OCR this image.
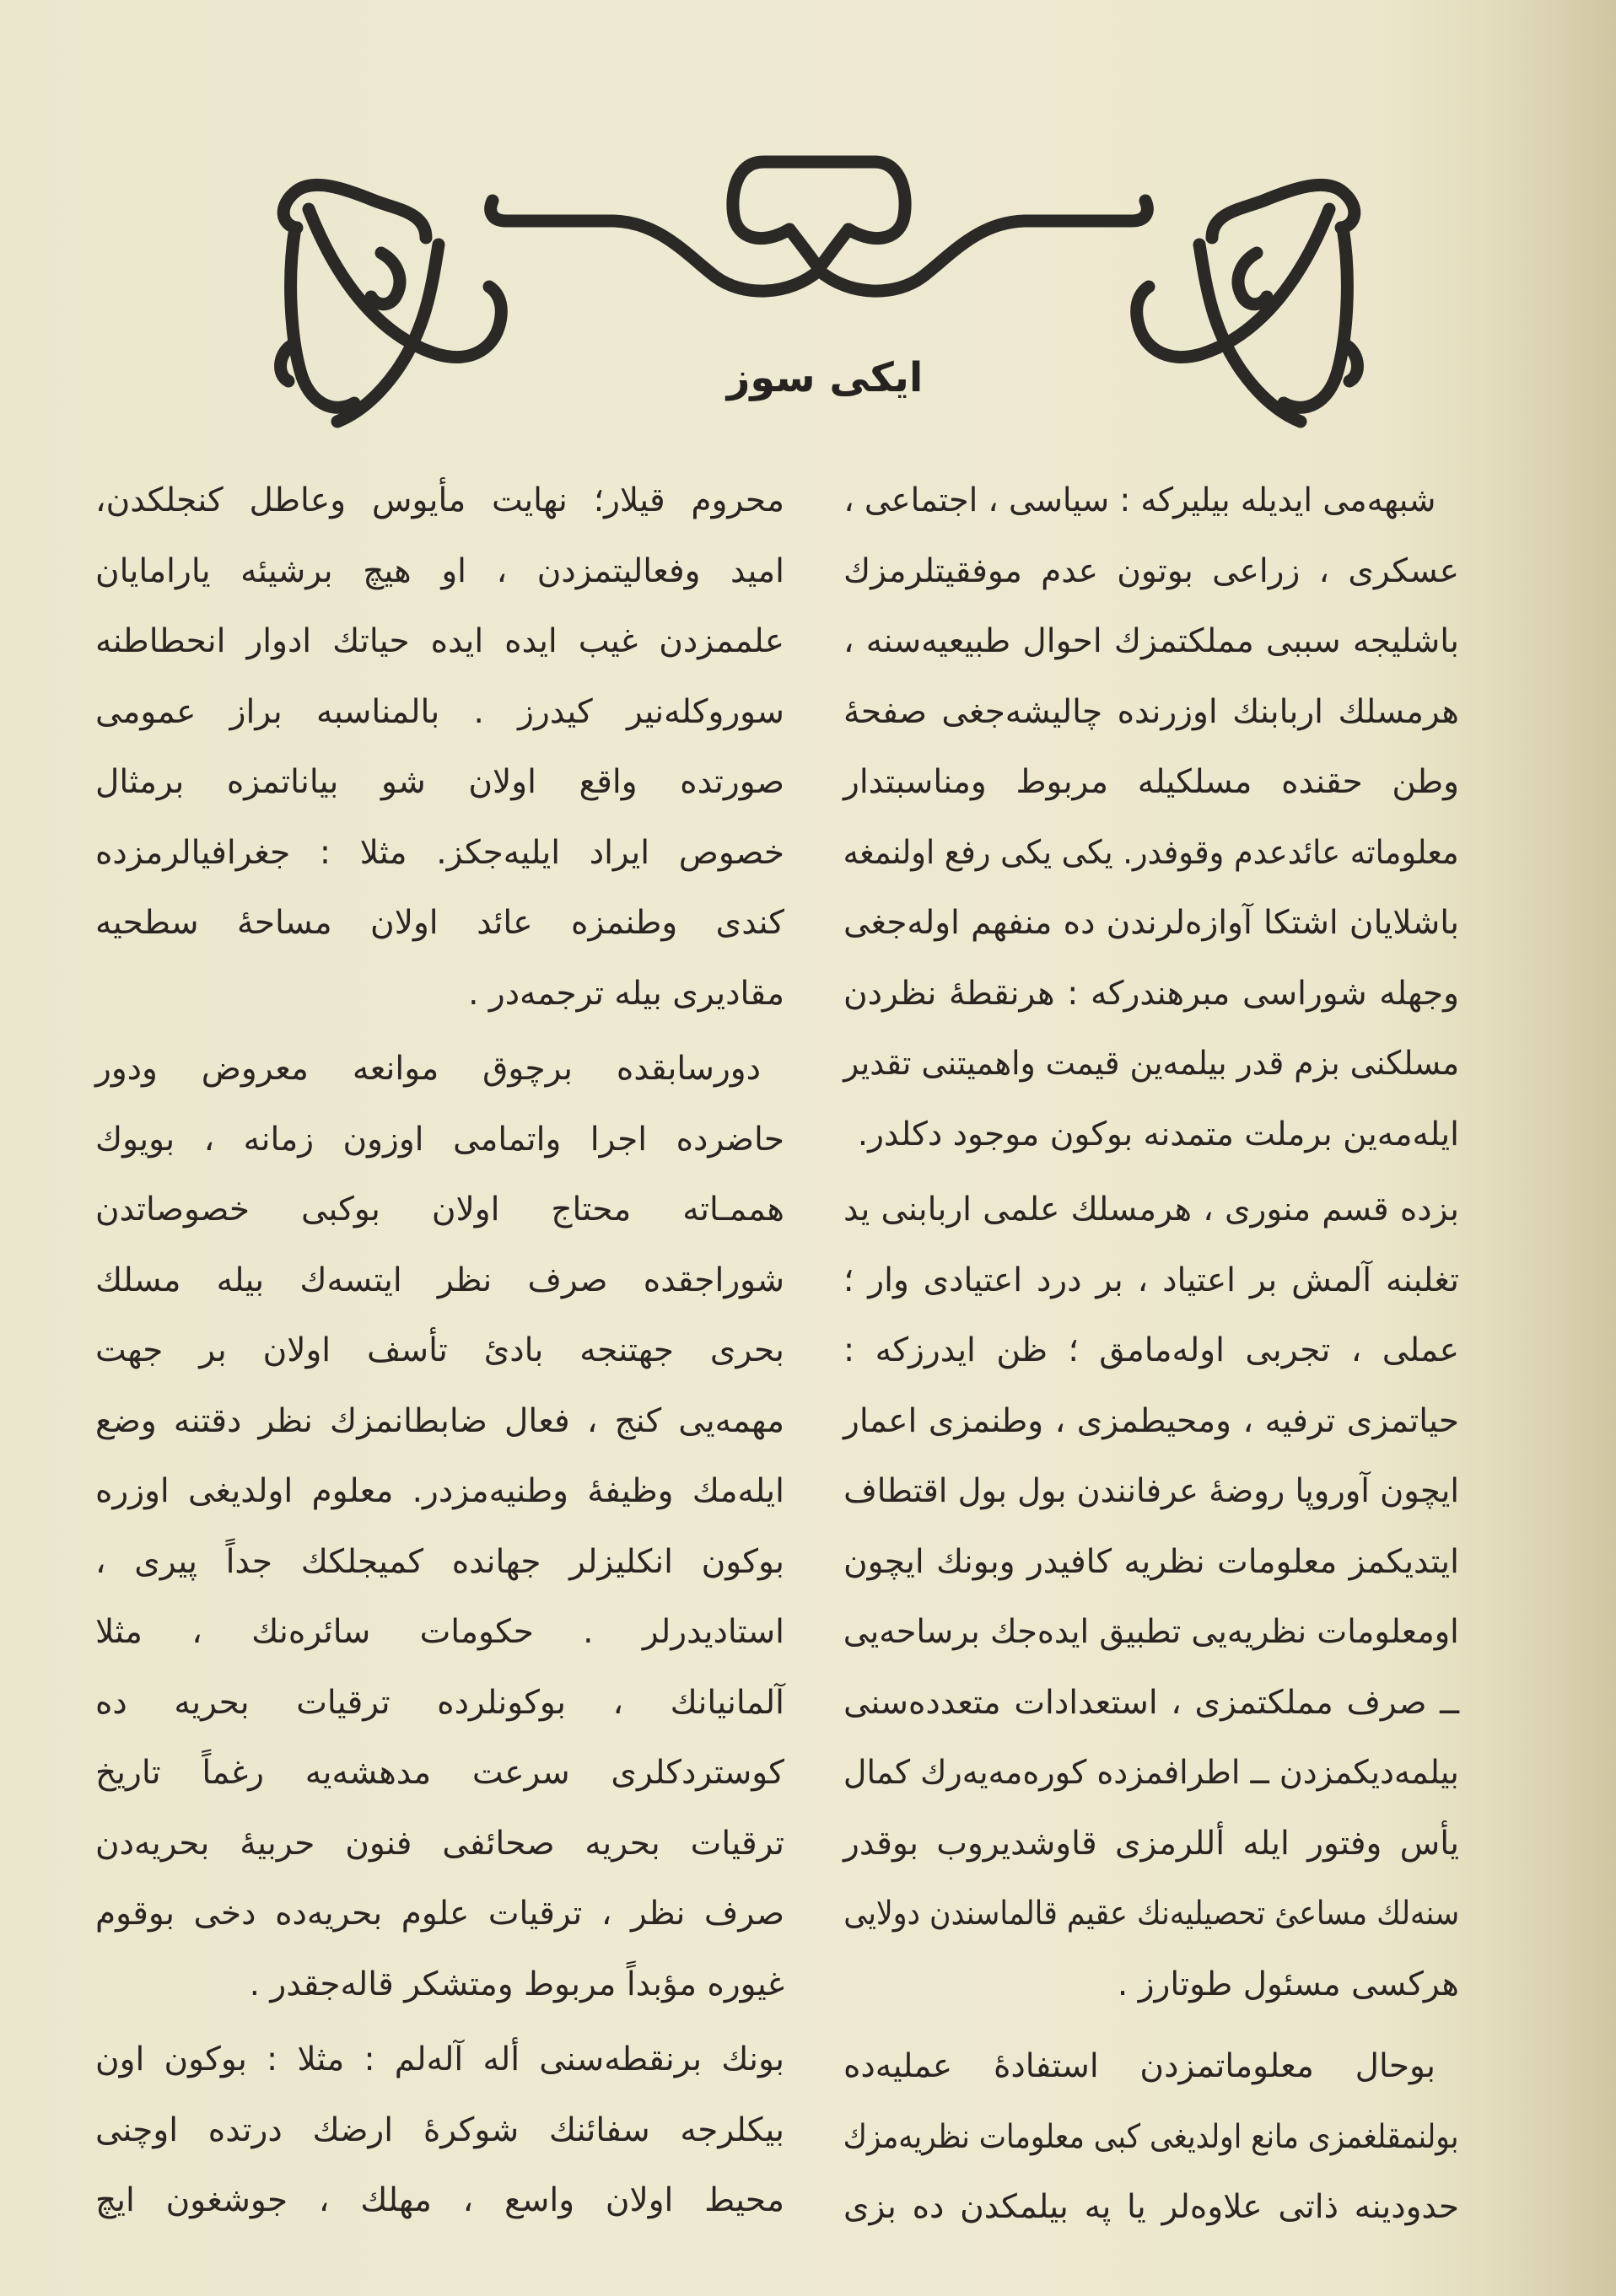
ايكى سوز
شبهه‌مى ايديله بيليركه : سياسى ، اجتماعى ،
عسكرى ، زراعى بوتون عدم موفقيتلرمزك
باشليجه سببى مملكتمزك احوال طبيعيه‌سنه ،
هرمسلك اربابنك اوزرنده چاليشه‌جغى صفحهٔ
وطن حقنده مسلكيله مربوط ومناسبتدار
معلوماته عائدعدم وقوفدر. يكى يكى رفع اولنمغه
باشلايان اشتكا آوازه‌لرندن ده منفهم اوله‌جغى
وجهله شوراسى مبرهندركه : هرنقطهٔ نظردن
مسلكنى بزم قدر بيلمه‌ين قيمت واهميتنى تقدير
ايله‌مه‌ين برملت متمدنه بوكون موجود دكلدر.
بزده قسم منورى ، هرمسلك علمى اربابنى يد
تغلبنه آلمش بر اعتياد ، بر درد اعتيادى وار ؛
عملى ، تجربى اوله‌مامق ؛ ظن ايدرزكه :
حياتمزى ترفيه ، ومحيطمزى ، وطنمزى اعمار
ايچون آوروپا روضهٔ عرفانندن بول بول اقتطاف
ايتديكمز معلومات نظريه كافيدر وبونك ايچون
اومعلومات نظريه‌يى تطبيق ايده‌جك برساحه‌يى
ــ صرف مملكتمزى ، استعدادات متعدده‌سنى
بيلمه‌ديكمزدن ــ اطرافمزده كوره‌مه‌يه‌رك كمال
يأس وفتور ايله أللرمزى قاوشديروب بوقدر
سنه‌لك مساعئ تحصيليه‌نك عقيم قالماسندن دولايى
هركسى مسئول طوتارز .
بوحال معلوماتمزدن استفادهٔ عمليه‌ده
بولنمقلغمزى مانع اولديغى كبى معلومات نظريه‌مزك
حدودينه ذاتى علاوه‌لر يا په بيلمكدن ده بزى
محروم قيلار؛ نهايت مأيوس وعاطل كنجلكدن،
اميد وفعاليتمزدن ، او هيچ برشيئه يارامايان
علممزدن غيب ايده ايده حياتك ادوار انحطاطنه
سوروكله‌نير كيدرز . بالمناسبه براز عمومى
صورتده واقع اولان شو بياناتمزه برمثال
خصوص ايراد ايليه‌جكز. مثلا : جغرافيالرمزده
كندى وطنمزه عائد اولان مساحهٔ سطحيه
مقاديرى بيله ترجمه‌در .
دورسابقده برچوق موانعه معروض ودور
حاضرده اجرا واتمامى اوزون زمانه ، بويوك
هممـاته محتاج اولان بوكبى خصوصاتدن
شوراجقده صرف نظر ايتسه‌ك بيله مسلك
بحرى جهتنجه بادئ تأسف اولان بر جهت
مهمه‌يى كنج ، فعال ضابطانمزك نظر دقتنه وضع
ايله‌مك وظيفهٔ وطنيه‌مزدر. معلوم اولديغى اوزره
بوكون انكليزلر جهانده كميجلكك جداً پيرى ،
استاديدرلر . حكومات سائره‌نك ، مثلا
آلمانيانك ، بوكونلرده ترقيات بحريه ده
كوستردكلرى سرعت مدهشه‌يه رغماً تاريخ
ترقيات بحريه صحائفى فنون حربيهٔ بحريه‌دن
صرف نظر ، ترقيات علوم بحريه‌ده دخى بوقوم
غيوره مؤبداً مربوط ومتشكر قاله‌جقدر .
بونك برنقطه‌سنى أله آله‌لم : مثلا : بوكون اون
بيكلرجه سفائنك شوكرهٔ ارضك درتده اوچنى
محيط اولان واسع ، مهلك ، جوشغون ايچ
